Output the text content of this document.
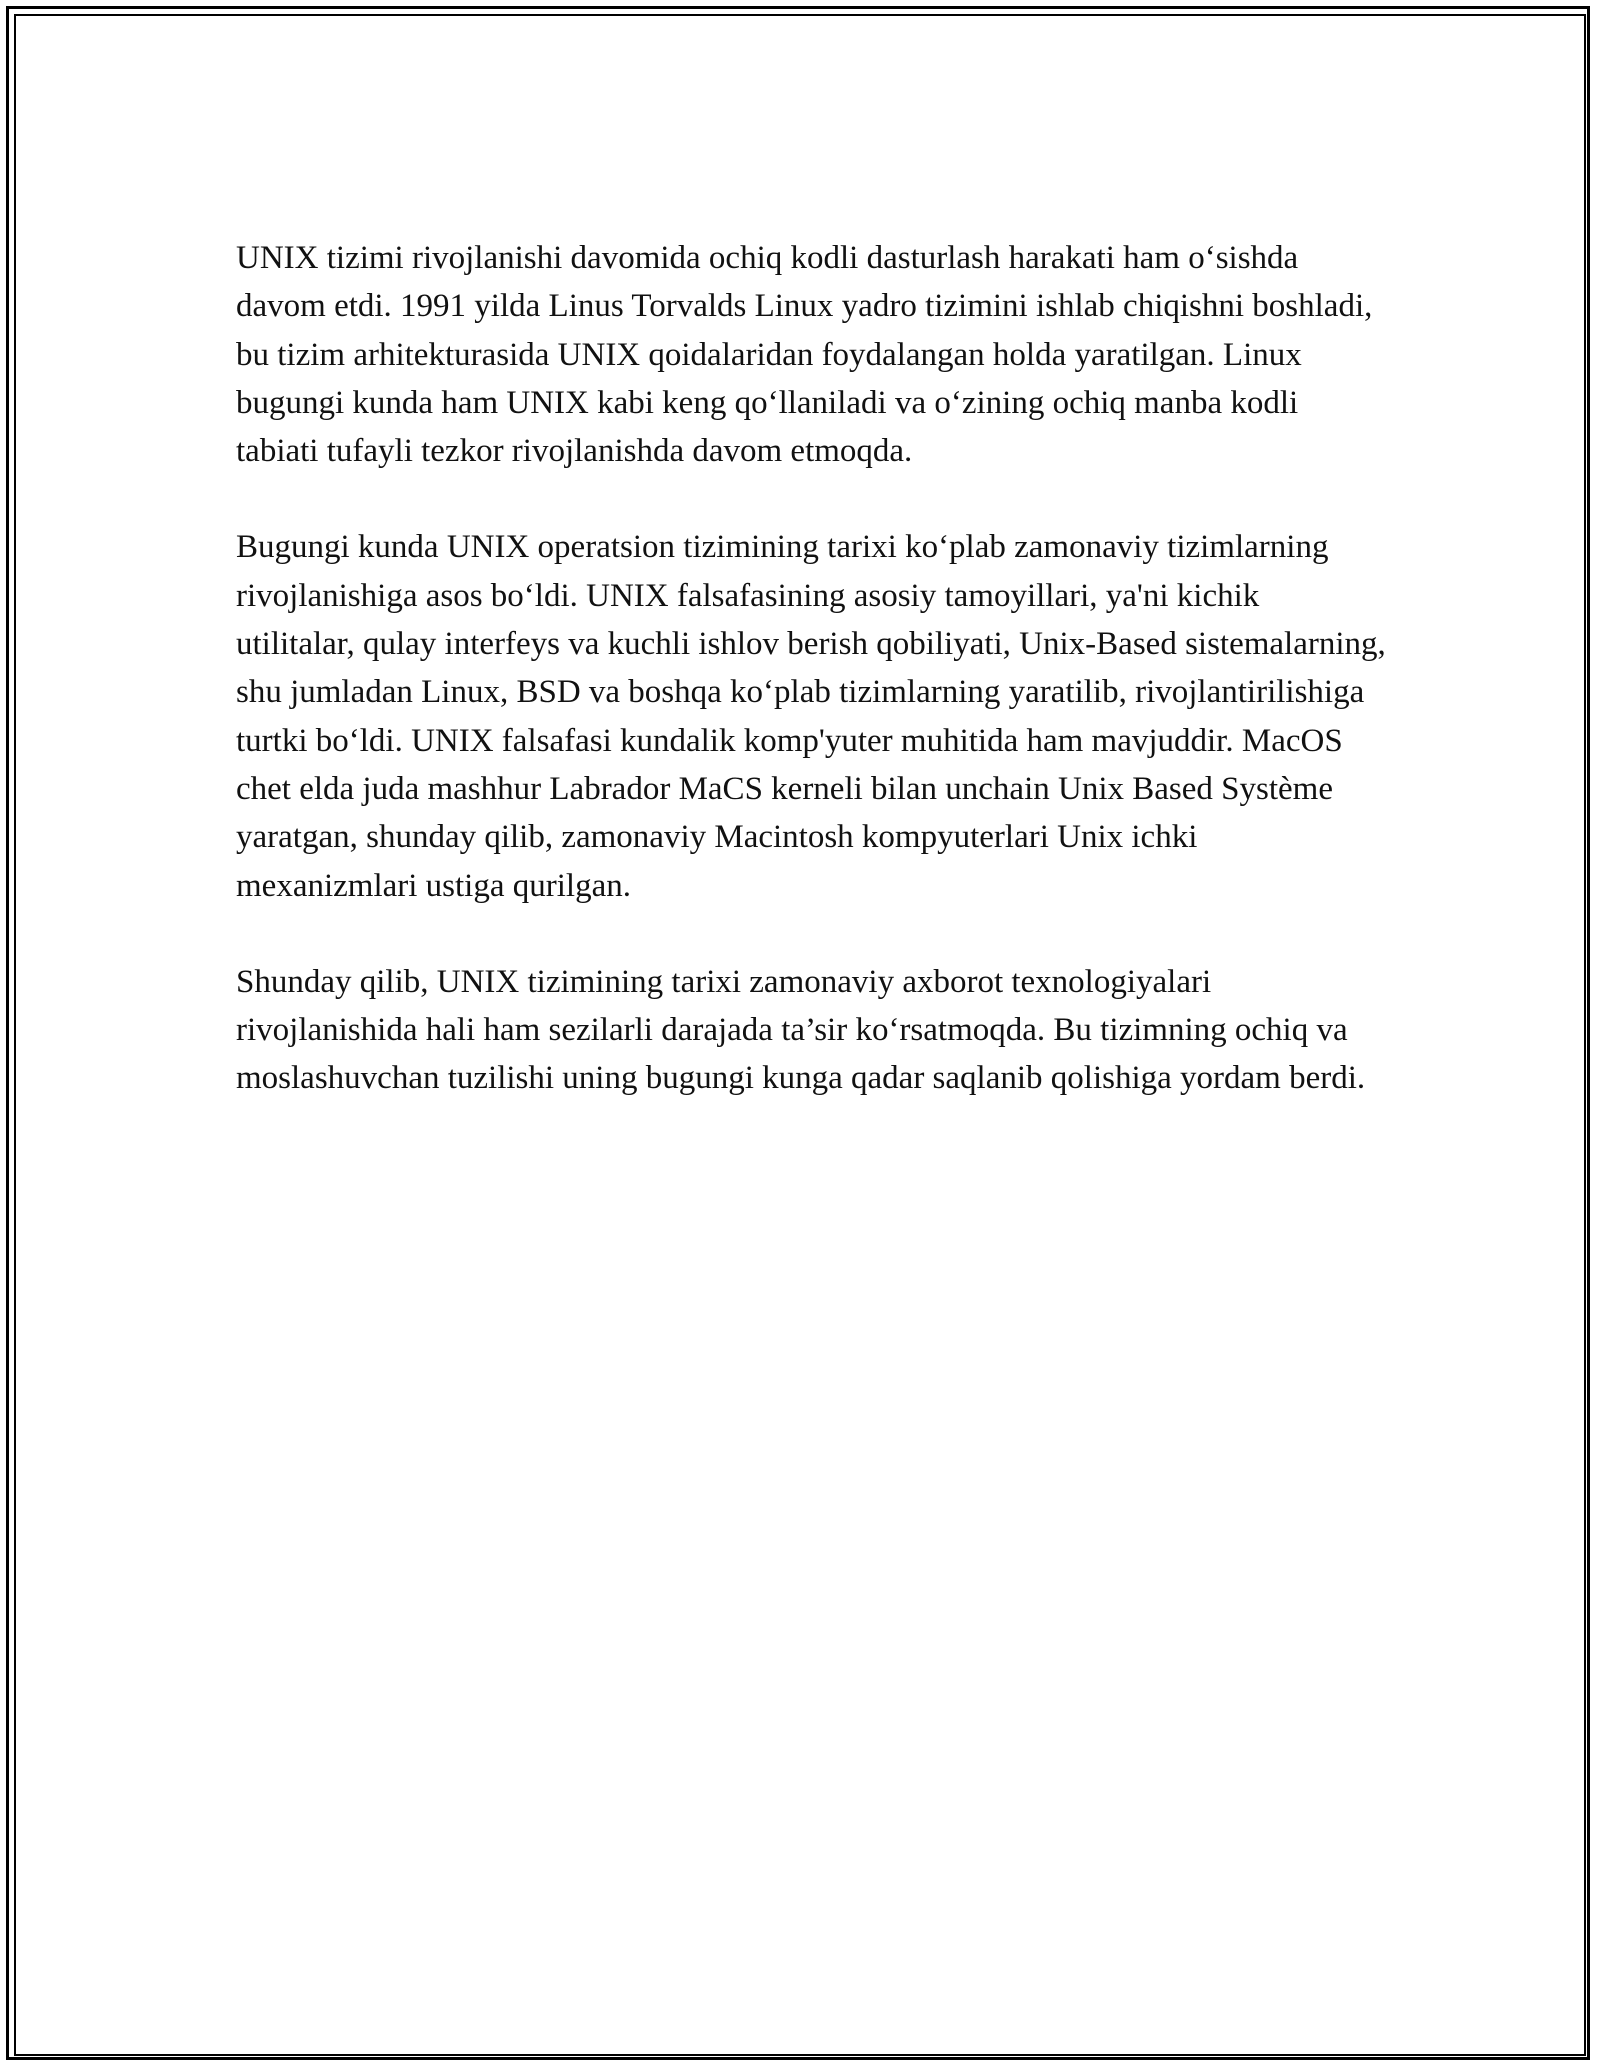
UNIX tizimi rivojlanishi davomida ochiq kodli dasturlash harakati ham o‘sishda davom etdi. 1991 yilda Linus Torvalds Linux yadro tizimini ishlab chiqishni boshladi, bu tizim arhitekturasida UNIX qoidalaridan foydalangan holda yaratilgan. Linux bugungi kunda ham UNIX kabi keng qo‘llaniladi va o‘zining ochiq manba kodli tabiati tufayli tezkor rivojlanishda davom etmoqda.

Bugungi kunda UNIX operatsion tizimining tarixi ko‘plab zamonaviy tizimlarning rivojlanishiga asos bo‘ldi. UNIX falsafasining asosiy tamoyillari, ya'ni kichik utilitalar, qulay interfeys va kuchli ishlov berish qobiliyati, Unix-Based sistemalarning, shu jumladan Linux, BSD va boshqa ko‘plab tizimlarning yaratilib, rivojlantirilishiga turtki bo‘ldi. UNIX falsafasi kundalik komp'yuter muhitida ham mavjuddir. MacOS chet elda juda mashhur Labrador MaCS kerneli bilan unchain Unix Based Système yaratgan, shunday qilib, zamonaviy Macintosh kompyuterlari Unix ichki mexanizmlari ustiga qurilgan.

Shunday qilib, UNIX tizimining tarixi zamonaviy axborot texnologiyalari rivojlanishida hali ham sezilarli darajada ta’sir ko‘rsatmoqda. Bu tizimning ochiq va moslashuvchan tuzilishi uning bugungi kunga qadar saqlanib qolishiga yordam berdi.
